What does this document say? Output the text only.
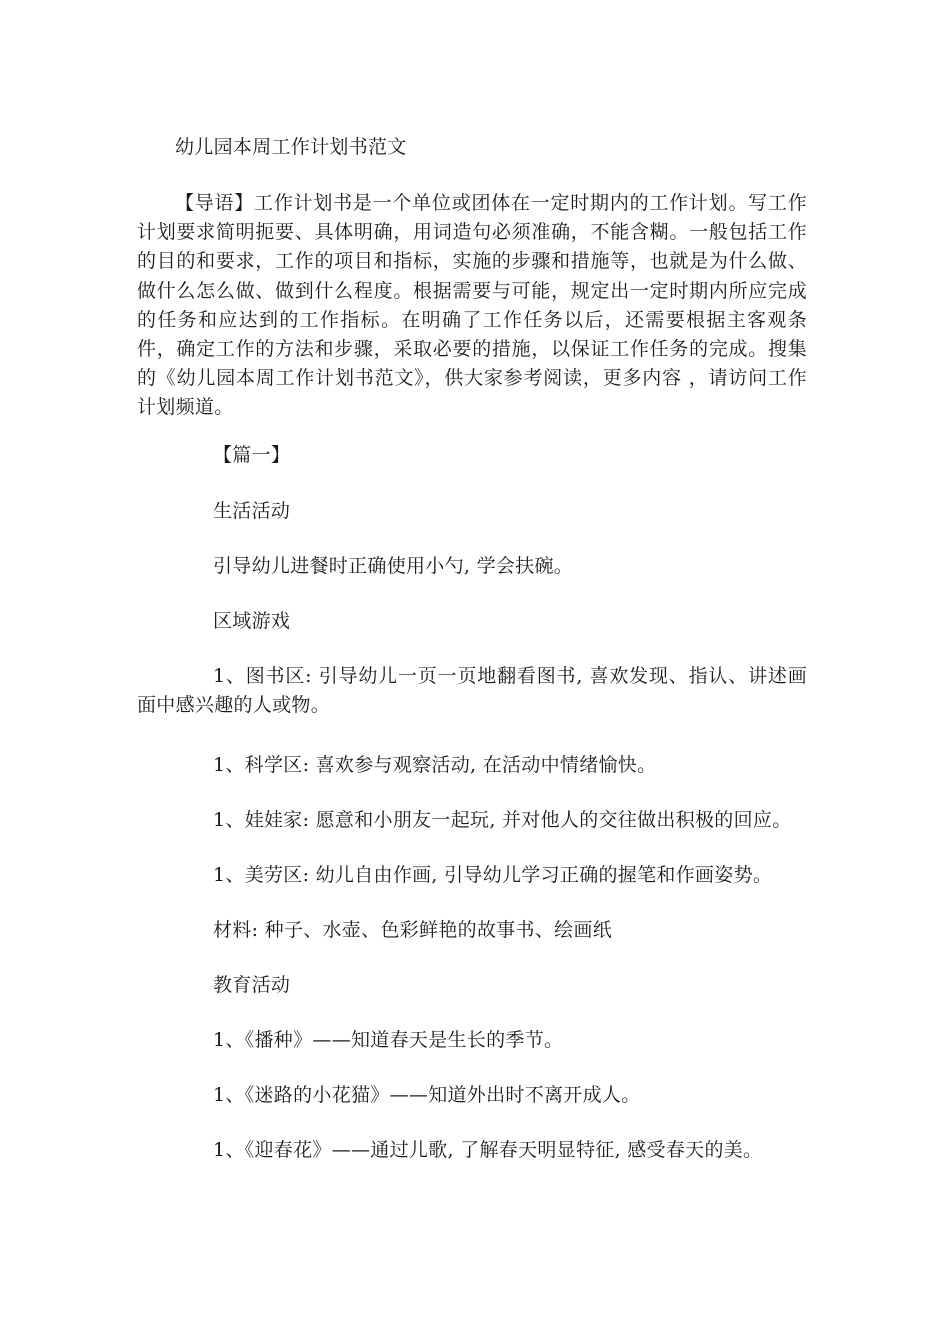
幼儿园本周工作计划书范文
【导语】工作计划书是一个单位或团体在一定时期内的工作计划。写工作计划要求简明扼要、具体明确，用词造句必须准确，不能含糊。一般包括工作的目的和要求，工作的项目和指标，实施的步骤和措施等，也就是为什么做、做什么怎么做、做到什么程度。根据需要与可能，规定出一定时期内所应完成的任务和应达到的工作指标。在明确了工作任务以后，还需要根据主客观条件，确定工作的方法和步骤，采取必要的措施，以保证工作任务的完成。搜集的《幼儿园本周工作计划书范文》，供大家参考阅读，更多内容 ，请访问工作计划频道。
【篇一】
生活活动
引导幼儿进餐时正确使用小勺, 学会扶碗。
区域游戏
1、图书区: 引导幼儿一页一页地翻看图书, 喜欢发现、指认、讲述画面中感兴趣的人或物。
1、科学区: 喜欢参与观察活动, 在活动中情绪愉快。
1、娃娃家: 愿意和小朋友一起玩, 并对他人的交往做出积极的回应。
1、美劳区: 幼儿自由作画, 引导幼儿学习正确的握笔和作画姿势。
材料: 种子、水壶、色彩鲜艳的故事书、绘画纸
教育活动
1、《播种》——知道春天是生长的季节。
1、《迷路的小花猫》——知道外出时不离开成人。
1、《迎春花》——通过儿歌, 了解春天明显特征, 感受春天的美。
